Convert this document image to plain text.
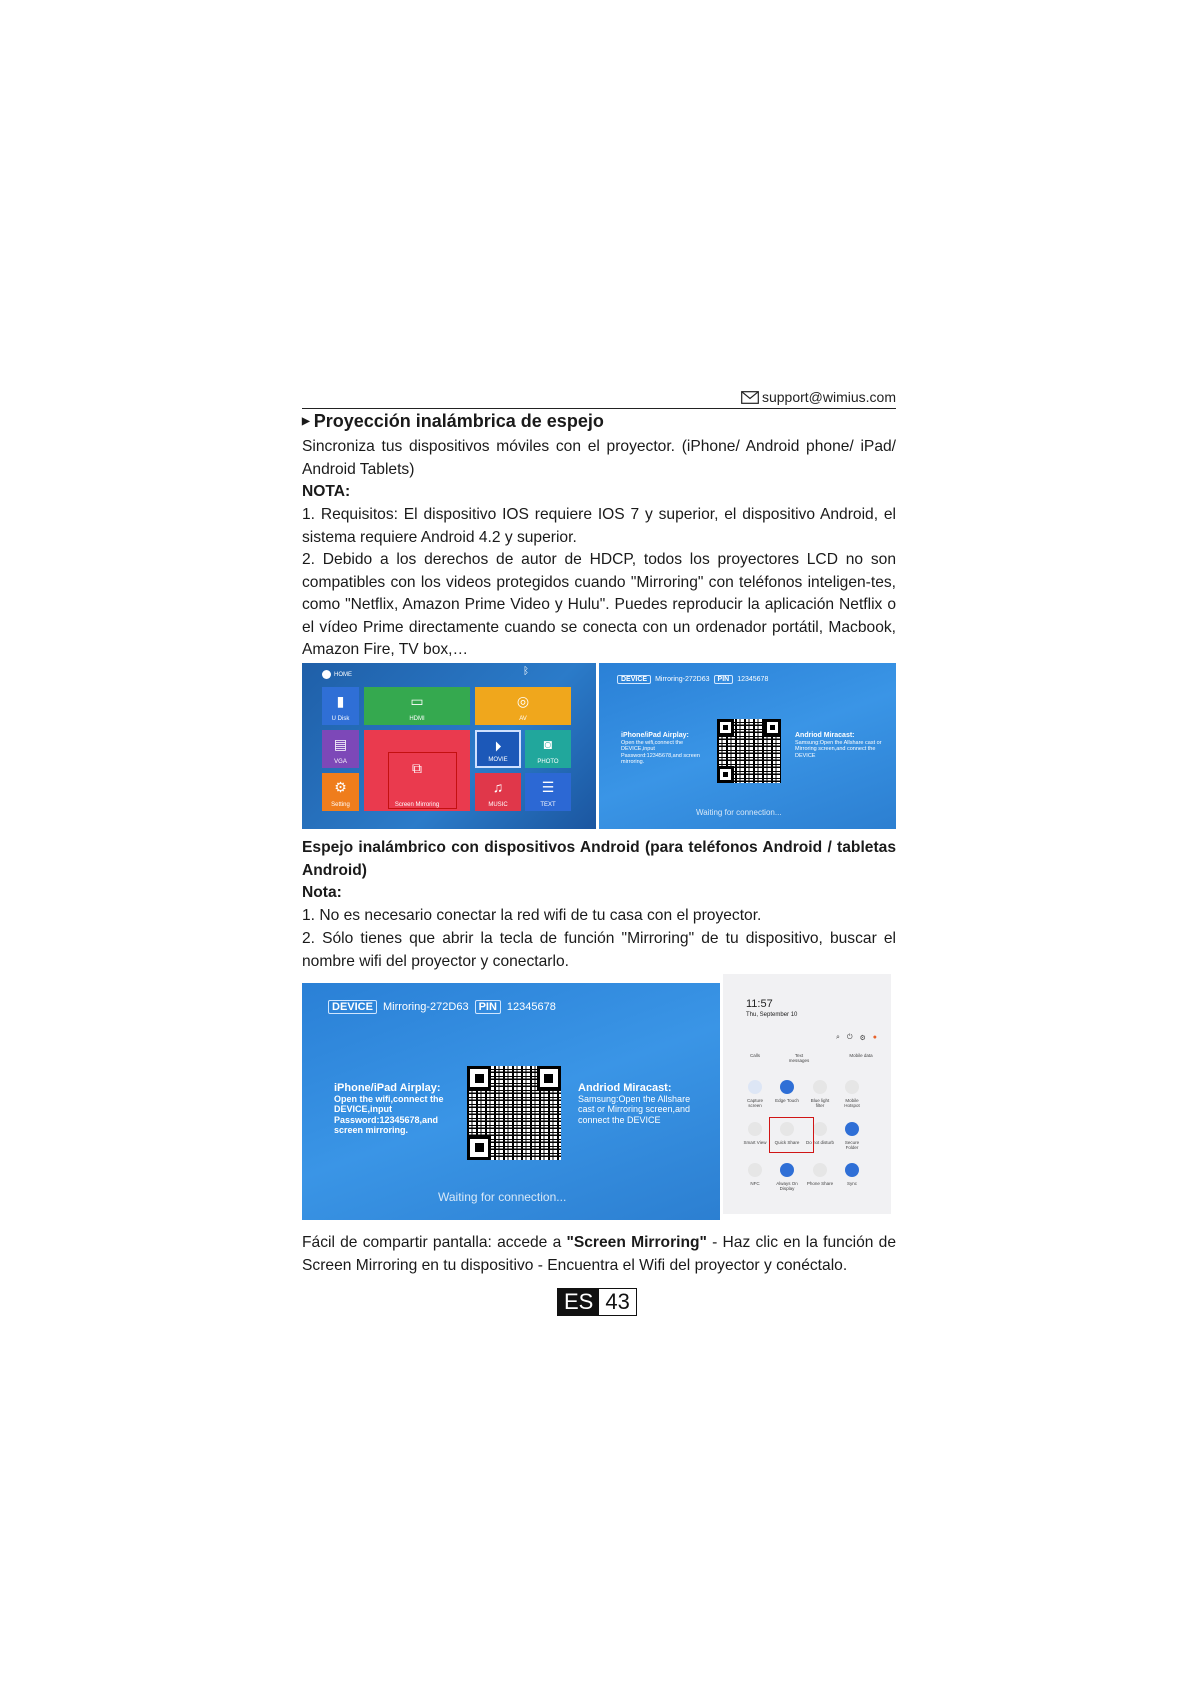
support@wimius.com
▶ Proyección inalámbrica de espejo
Sincroniza tus dispositivos móviles con el proyector. (iPhone/ Android phone/ iPad/ Android Tablets)
NOTA:
1. Requisitos: El dispositivo IOS requiere IOS 7 y superior, el dispositivo Android, el sistema requiere Android 4.2 y superior.
2. Debido a los derechos de autor de HDCP, todos los proyectores LCD no son compatibles con los videos protegidos cuando "Mirroring" con teléfonos inteligen-tes, como "Netflix, Amazon Prime Video y Hulu". Puedes reproducir la aplicación Netflix o el vídeo Prime directamente cuando se conecta con un ordenador portátil, Macbook, Amazon Fire, TV box,…
HOME	ᛒ
▮
U Disk
▭
HDMI
◎
AV
▤
VGA	⧉
Screen Mirroring
⏵
MOVIE
◙
PHOTO
⚙
Setting
♫
MUSIC
☰
TEXT
DEVICE	Mirroring-272D63	PIN	12345678
iPhone/iPad Airplay:
Open the wifi,connect the DEVICE,input Password:12345678,and screen mirroring.
Andriod Miracast:
Samsung:Open the Allshare cast or Mirroring screen,and connect the DEVICE
Waiting for connection...
Espejo inalámbrico con dispositivos Android (para teléfonos Android / tabletas Android)
Nota:
1. No es necesario conectar la red wifi de tu casa con el proyector.
2. Sólo tienes que abrir la tecla de función "Mirroring" de tu dispositivo, buscar el nombre wifi del proyector y conectarlo.
DEVICE Mirroring-272D63 PIN 12345678
iPhone/iPad Airplay:
Open the wifi,connect the DEVICE,input Password:12345678,and screen mirroring.
Andriod Miracast:
Samsung:Open the Allshare cast or Mirroring screen,and connect the DEVICE
Waiting for connection...
11:57
Thu, September 10
⌕ ⏻ ⚙ ●
Calls	Text messages
Mobile data
Capture screen
Edge Touch	Blue light filter
Mobile Hotspot
Smart View	Quick Share	Do not disturb	Secure Folder
NFC	Always On Display
Phone Share	Sync
Fácil de compartir pantalla: accede a "Screen Mirroring" - Haz clic en la función de Screen Mirroring en tu dispositivo - Encuentra el Wifi del proyector y conéctalo.
ES 43
